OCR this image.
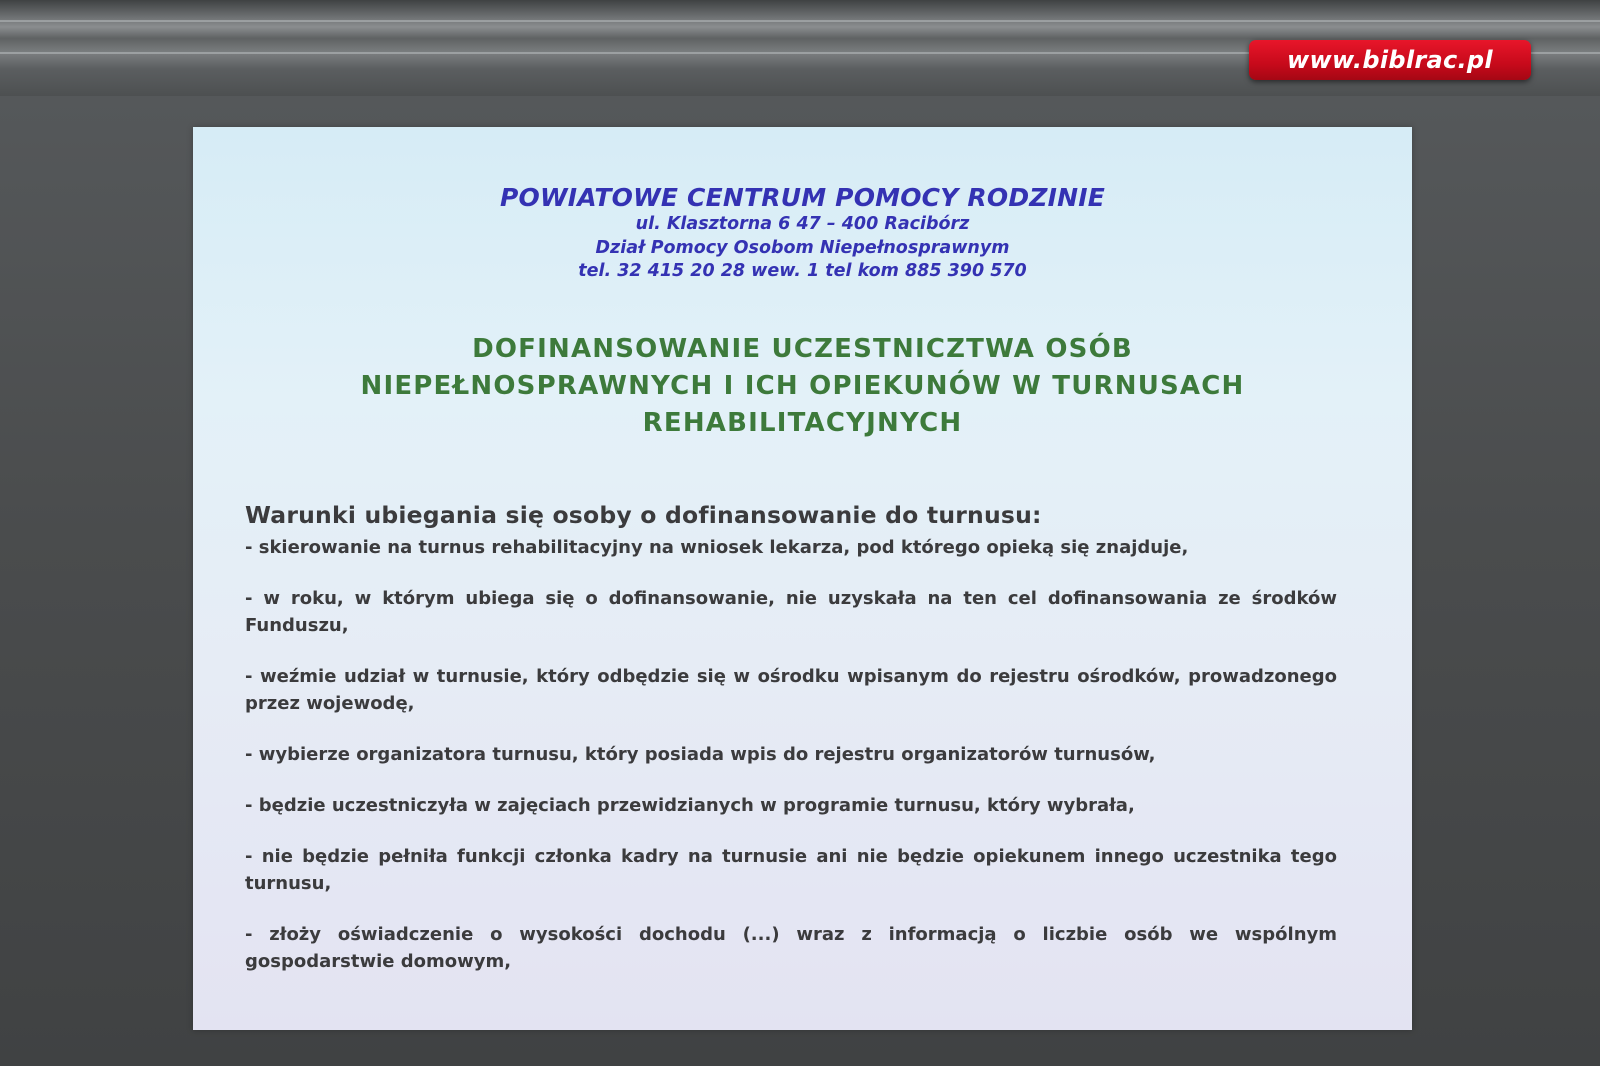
www.biblrac.pl
POWIATOWE CENTRUM POMOCY RODZINIE
ul. Klasztorna 6 47 – 400 Racibórz
Dział Pomocy Osobom Niepełnosprawnym
tel. 32 415 20 28 wew. 1 tel kom 885 390 570
DOFINANSOWANIE UCZESTNICZTWA OSÓB
NIEPEŁNOSPRAWNYCH I ICH OPIEKUNÓW W TURNUSACH
REHABILITACYJNYCH

Warunki ubiegania się osoby o dofinansowanie do turnusu:

- skierowanie na turnus rehabilitacyjny na wniosek lekarza, pod którego opieką się znajduje,

- w roku, w którym ubiega się o dofinansowanie, nie uzyskała na ten cel dofinansowania ze środków Funduszu,

- weźmie udział w turnusie, który odbędzie się w ośrodku wpisanym do rejestru ośrodków, prowadzonego przez wojewodę,

- wybierze organizatora turnusu, który posiada wpis do rejestru organizatorów turnusów,

- będzie uczestniczyła w zajęciach przewidzianych w programie turnusu, który wybrała,

- nie będzie pełniła funkcji członka kadry na turnusie ani nie będzie opiekunem innego uczestnika tego turnusu,

- złoży oświadczenie o wysokości dochodu (...) wraz z informacją o liczbie osób we wspólnym gospodarstwie domowym,
